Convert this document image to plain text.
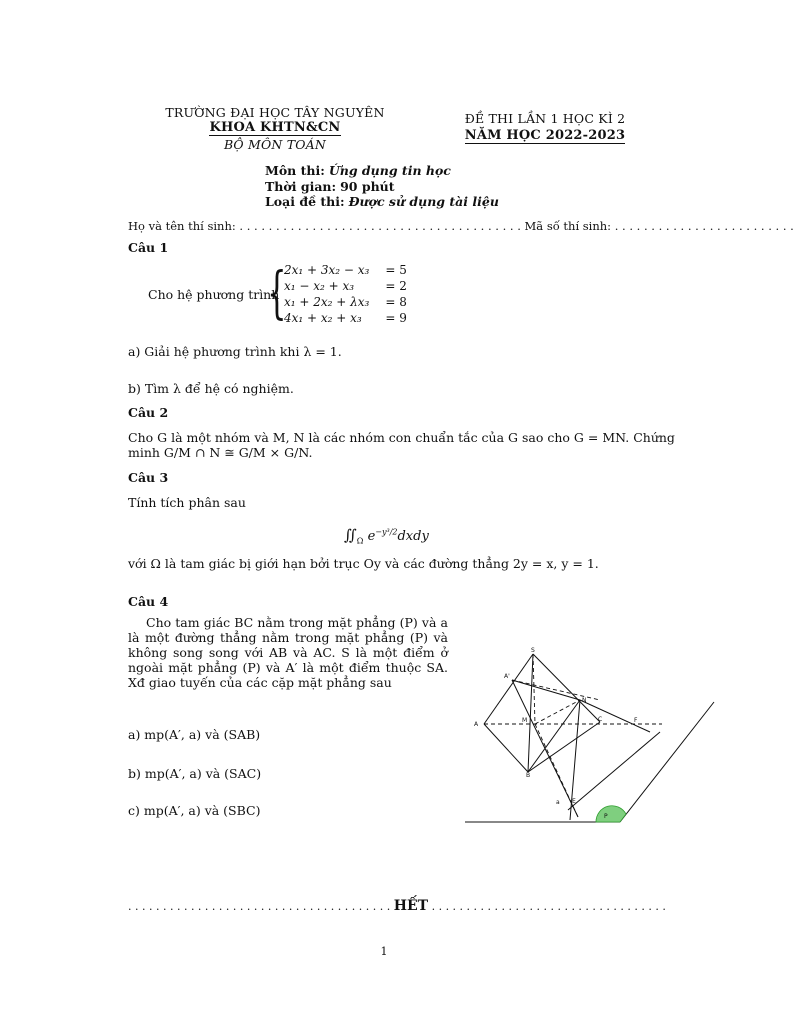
TRƯỜNG ĐẠI HỌC TÂY NGUYÊN
KHOA KHTN&CN
BỘ MÔN TOÁN
ĐỀ THI LẦN 1 HỌC KÌ 2
NĂM HỌC 2022-2023
Môn thi: Ứng dụng tin học
Thời gian: 90 phút
Loại đề thi: Được sử dụng tài liệu
Họ và tên thí sinh: . . . . . . . . . . . . . . . . . . . . . . . . . . . . . . . . . . . . . . . Mã số thí sinh: . . . . . . . . . . . . . . . . . . . . . . . . .
Câu 1
Cho hệ phương trình
{
2x₁ + 3x₂ − x₃	= 5
x₁ − x₂ + x₃	= 2
x₁ + 2x₂ + λx₃	= 8
4x₁ + x₂ + x₃	= 9
a) Giải hệ phương trình khi λ = 1.
b) Tìm λ để hệ có nghiệm.
Câu 2
Cho G là một nhóm và M, N là các nhóm con chuẩn tắc của G sao cho G = MN. Chứng
minh G/M ∩ N ≅ G/M × G/N.
Câu 3
Tính tích phân sau
$∬_\Omega$ $e^{-y^3/2}dxdy$
với Ω là tam giác bị giới hạn bởi trục Oy và các đường thẳng 2y = x, y = 1.
Câu 4
Cho tam giác BC nằm trong mặt phẳng (P) và a là một đường thẳng nằm trong mặt phẳng (P) và không song song với AB và AC. S là một điểm ở ngoài mặt phẳng (P) và A′ là một điểm thuộc SA. Xđ giao tuyến của các cặp mặt phẳng sau
a) mp(A′, a) và (SAB)
b) mp(A′, a) và (SAC)
c) mp(A′, a) và (SBC)
S
A'
N
A
M	C	F
B
a E
P
. . . . . . . . . . . . . . . . . . . . . . . . . . . . . . . . . . . . . . HẾT . . . . . . . . . . . . . . . . . . . . . . . . . . . . . . . . . .
1
